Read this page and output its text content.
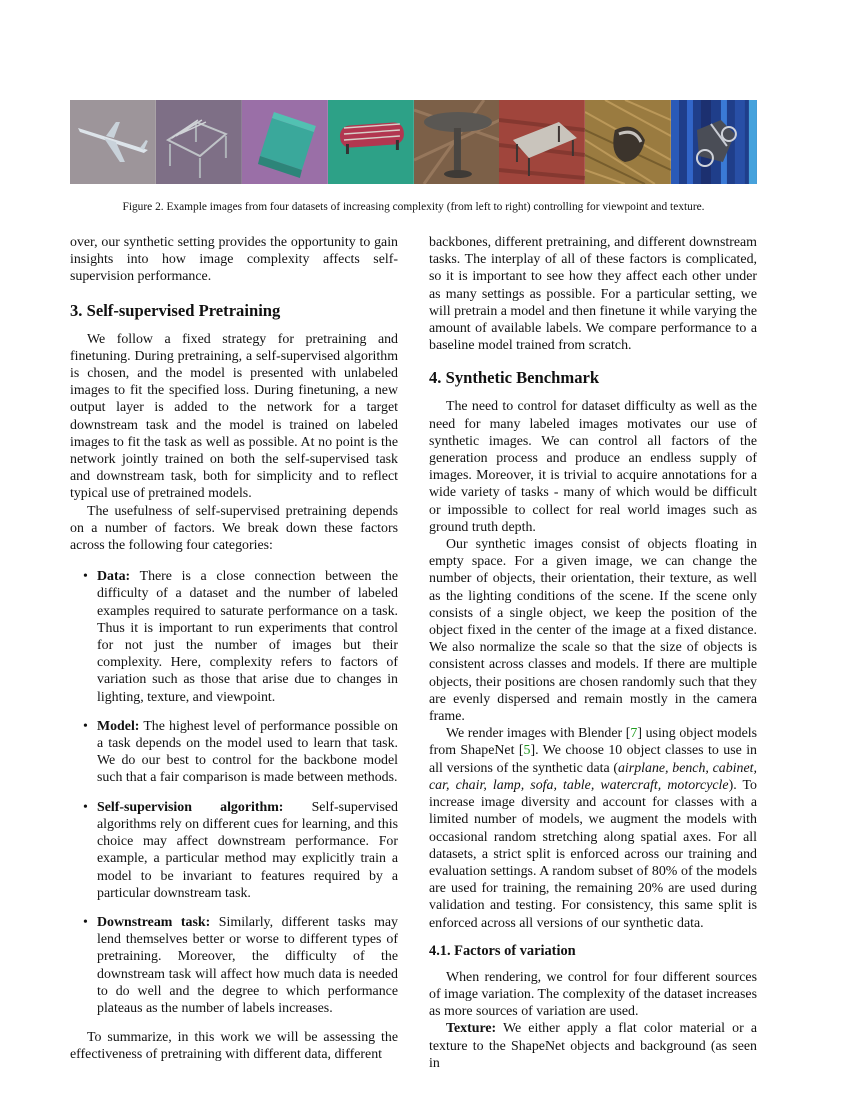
Figure 2. Example images from four datasets of increasing complexity (from left to right) controlling for viewpoint and texture.

over, our synthetic setting provides the opportunity to gain insights into how image complexity affects self-supervision performance.

3. Self-supervised Pretraining

We follow a fixed strategy for pretraining and finetuning. During pretraining, a self-supervised algorithm is chosen, and the model is presented with unlabeled images to fit the specified loss. During finetuning, a new output layer is added to the network for a target downstream task and the model is trained on labeled images to fit the task as well as possible. At no point is the network jointly trained on both the self-supervised task and downstream task, both for simplicity and to reflect typical use of pretrained models.

The usefulness of self-supervised pretraining depends on a number of factors. We break down these factors across the following four categories:

• Data: There is a close connection between the difficulty of a dataset and the number of labeled examples required to saturate performance on a task. Thus it is important to run experiments that control for not just the number of images but their complexity. Here, complexity refers to factors of variation such as those that arise due to changes in lighting, texture, and viewpoint.
• Model: The highest level of performance possible on a task depends on the model used to learn that task. We do our best to control for the backbone model such that a fair comparison is made between methods.
• Self-supervision algorithm: Self-supervised algorithms rely on different cues for learning, and this choice may affect downstream performance. For example, a particular method may explicitly train a model to be invariant to features required by a particular downstream task.
• Downstream task: Similarly, different tasks may lend themselves better or worse to different types of pretraining. Moreover, the difficulty of the downstream task will affect how much data is needed to do well and the degree to which performance plateaus as the number of labels increases.

To summarize, in this work we will be assessing the effectiveness of pretraining with different data, different

backbones, different pretraining, and different downstream tasks. The interplay of all of these factors is complicated, so it is important to see how they affect each other under as many settings as possible. For a particular setting, we will pretrain a model and then finetune it while varying the amount of available labels. We compare performance to a baseline model trained from scratch.

4. Synthetic Benchmark

The need to control for dataset difficulty as well as the need for many labeled images motivates our use of synthetic images. We can control all factors of the generation process and produce an endless supply of images. Moreover, it is trivial to acquire annotations for a wide variety of tasks - many of which would be difficult or impossible to collect for real world images such as ground truth depth.

Our synthetic images consist of objects floating in empty space. For a given image, we can change the number of objects, their orientation, their texture, as well as the lighting conditions of the scene. If the scene only consists of a single object, we keep the position of the object fixed in the center of the image at a fixed distance. We also normalize the scale so that the size of objects is consistent across classes and models. If there are multiple objects, their positions are chosen randomly such that they are evenly dispersed and remain mostly in the camera frame.

We render images with Blender [7] using object models from ShapeNet [5]. We choose 10 object classes to use in all versions of the synthetic data (airplane, bench, cabinet, car, chair, lamp, sofa, table, watercraft, motorcycle). To increase image diversity and account for classes with a limited number of models, we augment the models with occasional random stretching along spatial axes. For all datasets, a strict split is enforced across our training and evaluation settings. A random subset of 80% of the models are used for training, the remaining 20% are used during validation and testing. For consistency, this same split is enforced across all versions of our synthetic data.

4.1. Factors of variation

When rendering, we control for four different sources of image variation. The complexity of the dataset increases as more sources of variation are used.

Texture: We either apply a flat color material or a texture to the ShapeNet objects and background (as seen in
